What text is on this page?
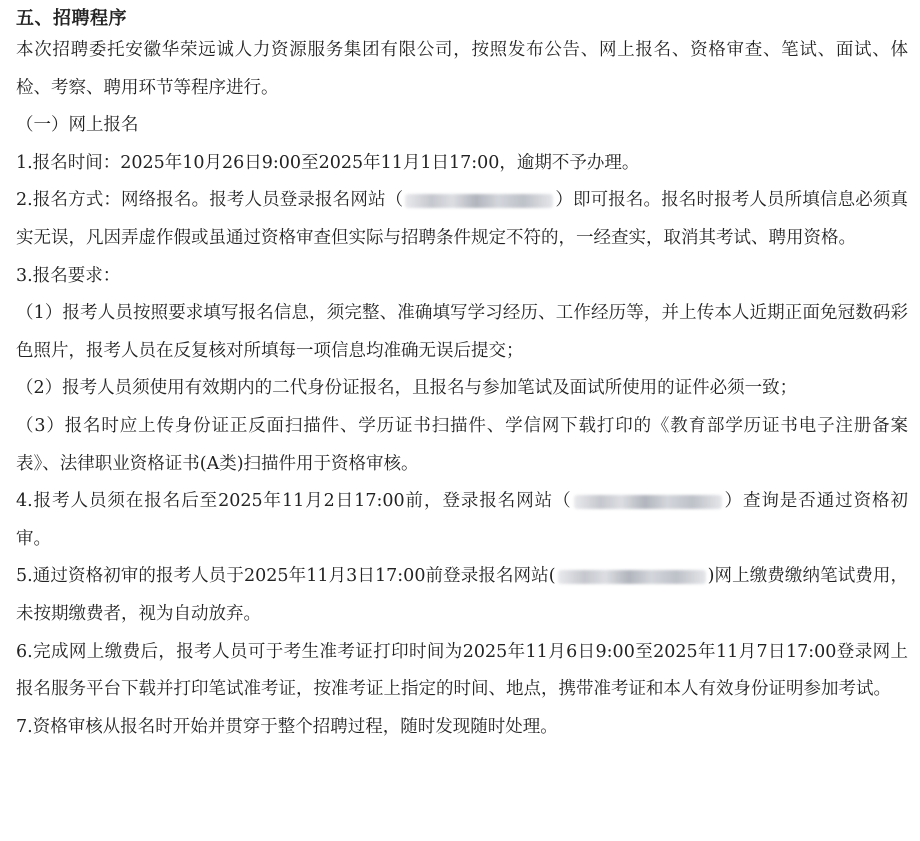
五、招聘程序

本次招聘委托安徽华荣远诚人力资源服务集团有限公司，按照发布公告、网上报名、资格审查、笔试、面试、体检、考察、聘用环节等程序进行。

（一）网上报名

1.报名时间：2025年10月26日9:00至2025年11月1日17:00，逾期不予办理。

2.报名方式：网络报名。报考人员登录报名网站（	）即可报名。报名时报考人员所填信息必须真实无误，凡因弄虚作假或虽通过资格审查但实际与招聘条件规定不符的，一经查实，取消其考试、聘用资格。

3.报名要求：

（1）报考人员按照要求填写报名信息，须完整、准确填写学习经历、工作经历等，并上传本人近期正面免冠数码彩色照片，报考人员在反复核对所填每一项信息均准确无误后提交；

（2）报考人员须使用有效期内的二代身份证报名，且报名与参加笔试及面试所使用的证件必须一致；

（3）报名时应上传身份证正反面扫描件、学历证书扫描件、学信网下载打印的《教育部学历证书电子注册备案表》、法律职业资格证书(A类)扫描件用于资格审核。

4.报考人员须在报名后至2025年11月2日17:00前，登录报名网站（	）查询是否通过资格初审。

5.通过资格初审的报考人员于2025年11月3日17:00前登录报名网站(	)网上缴费缴纳笔试费用，未按期缴费者，视为自动放弃。

6.完成网上缴费后，报考人员可于考生准考证打印时间为2025年11月6日9:00至2025年11月7日17:00登录网上报名服务平台下载并打印笔试准考证，按准考证上指定的时间、地点，携带准考证和本人有效身份证明参加考试。

7.资格审核从报名时开始并贯穿于整个招聘过程，随时发现随时处理。
